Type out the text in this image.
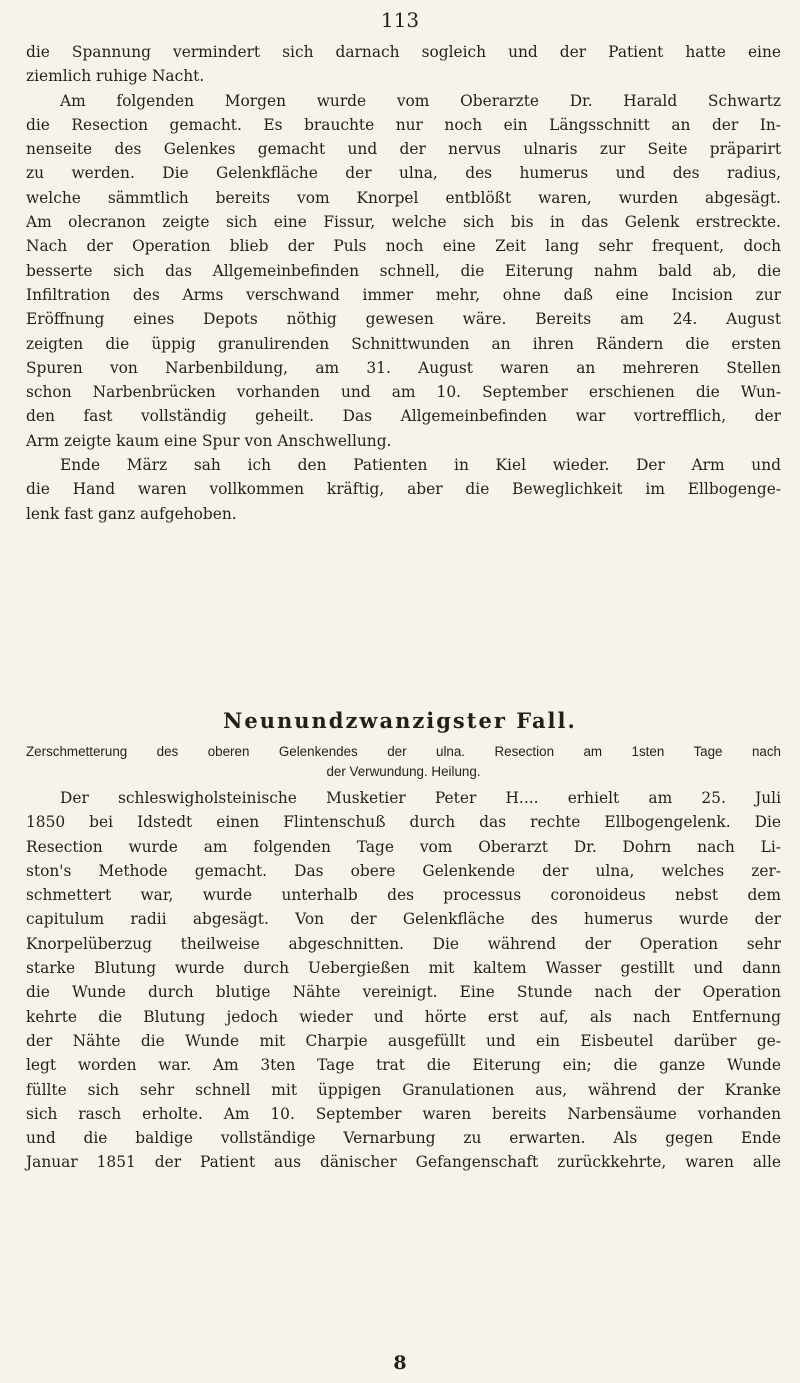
113
die Spannung vermindert sich darnach sogleich und der Patient hatte eine
ziemlich ruhige Nacht.
Am folgenden Morgen wurde vom Oberarzte Dr. Harald Schwartz
die Resection gemacht. Es brauchte nur noch ein Längsschnitt an der In-
nenseite des Gelenkes gemacht und der nervus ulnaris zur Seite präparirt
zu werden. Die Gelenkfläche der ulna, des humerus und des radius,
welche sämmtlich bereits vom Knorpel entblößt waren, wurden abgesägt.
Am olecranon zeigte sich eine Fissur, welche sich bis in das Gelenk erstreckte.
Nach der Operation blieb der Puls noch eine Zeit lang sehr frequent, doch
besserte sich das Allgemeinbefinden schnell, die Eiterung nahm bald ab, die
Infiltration des Arms verschwand immer mehr, ohne daß eine Incision zur
Eröffnung eines Depots nöthig gewesen wäre. Bereits am 24. August
zeigten die üppig granulirenden Schnittwunden an ihren Rändern die ersten
Spuren von Narbenbildung, am 31. August waren an mehreren Stellen
schon Narbenbrücken vorhanden und am 10. September erschienen die Wun-
den fast vollständig geheilt. Das Allgemeinbefinden war vortrefflich, der
Arm zeigte kaum eine Spur von Anschwellung.
Ende März sah ich den Patienten in Kiel wieder. Der Arm und
die Hand waren vollkommen kräftig, aber die Beweglichkeit im Ellbogenge-
lenk fast ganz aufgehoben.
Neunundzwanzigster Fall.
Zerschmetterung des oberen Gelenkendes der ulna. Resection am 1sten Tage nach
der Verwundung. Heilung.
Der schleswigholsteinische Musketier Peter H.... erhielt am 25. Juli
1850 bei Idstedt einen Flintenschuß durch das rechte Ellbogengelenk. Die
Resection wurde am folgenden Tage vom Oberarzt Dr. Dohrn nach Li-
ston's Methode gemacht. Das obere Gelenkende der ulna, welches zer-
schmettert war, wurde unterhalb des processus coronoideus nebst dem
capitulum radii abgesägt. Von der Gelenkfläche des humerus wurde der
Knorpelüberzug theilweise abgeschnitten. Die während der Operation sehr
starke Blutung wurde durch Uebergießen mit kaltem Wasser gestillt und dann
die Wunde durch blutige Nähte vereinigt. Eine Stunde nach der Operation
kehrte die Blutung jedoch wieder und hörte erst auf, als nach Entfernung
der Nähte die Wunde mit Charpie ausgefüllt und ein Eisbeutel darüber ge-
legt worden war. Am 3ten Tage trat die Eiterung ein; die ganze Wunde
füllte sich sehr schnell mit üppigen Granulationen aus, während der Kranke
sich rasch erholte. Am 10. September waren bereits Narbensäume vorhanden
und die baldige vollständige Vernarbung zu erwarten. Als gegen Ende
Januar 1851 der Patient aus dänischer Gefangenschaft zurückkehrte, waren alle
8
